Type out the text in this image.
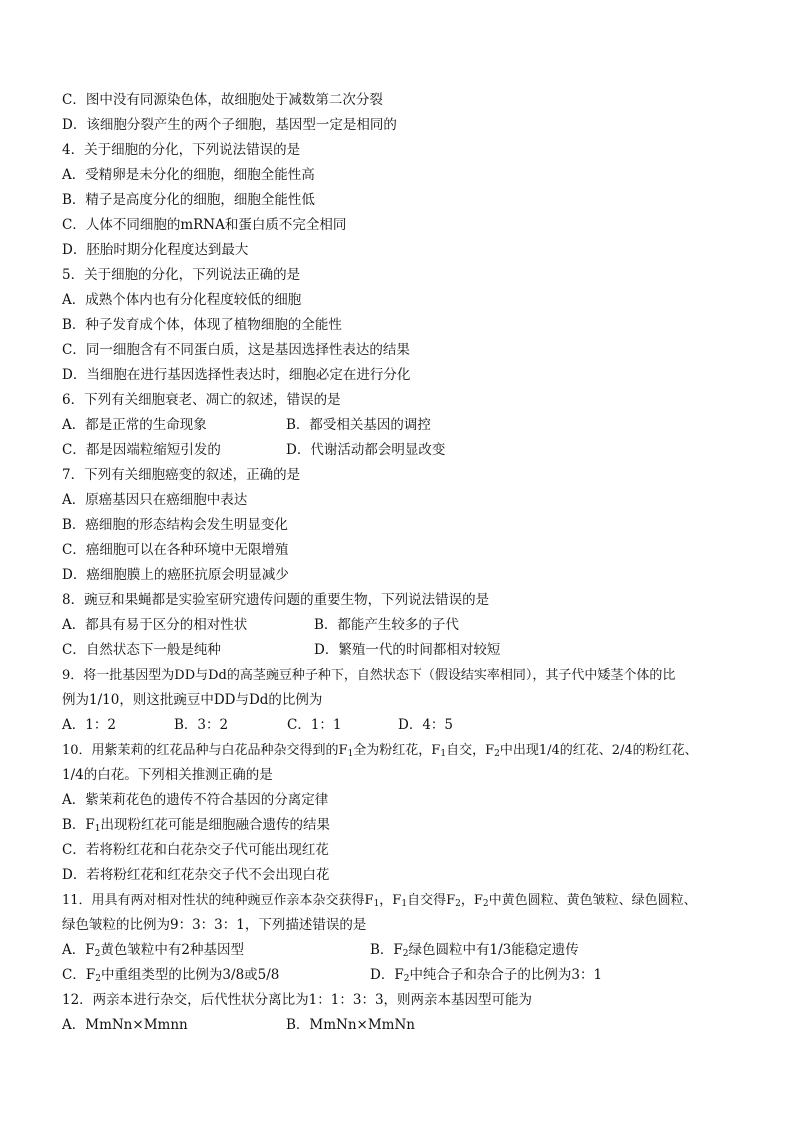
C．图中没有同源染色体，故细胞处于减数第二次分裂
D．该细胞分裂产生的两个子细胞，基因型一定是相同的
4．关于细胞的分化，下列说法错误的是
A．受精卵是未分化的细胞，细胞全能性高
B．精子是高度分化的细胞，细胞全能性低
C．人体不同细胞的mRNA和蛋白质不完全相同
D．胚胎时期分化程度达到最大
5．关于细胞的分化，下列说法正确的是
A．成熟个体内也有分化程度较低的细胞
B．种子发育成个体，体现了植物细胞的全能性
C．同一细胞含有不同蛋白质，这是基因选择性表达的结果
D．当细胞在进行基因选择性表达时，细胞必定在进行分化
6．下列有关细胞衰老、凋亡的叙述，错误的是
A．都是正常的生命现象	B．都受相关基因的调控
C．都是因端粒缩短引发的	D．代谢活动都会明显改变
7．下列有关细胞癌变的叙述，正确的是
A．原癌基因只在癌细胞中表达
B．癌细胞的形态结构会发生明显变化
C．癌细胞可以在各种环境中无限增殖
D．癌细胞膜上的癌胚抗原会明显减少
8．豌豆和果蝇都是实验室研究遗传问题的重要生物，下列说法错误的是
A．都具有易于区分的相对性状	B．都能产生较多的子代
C．自然状态下一般是纯种	D．繁殖一代的时间都相对较短
9．将一批基因型为DD与Dd的高茎豌豆种子种下，自然状态下（假设结实率相同），其子代中矮茎个体的比
例为1/10，则这批豌豆中DD与Dd的比例为
A．1：2	B．3：2	C．1：1	D．4：5
10．用紫茉莉的红花品种与白花品种杂交得到的$F_1$全为粉红花，$F_1$自交，$F_2$中出现1/4的红花、2/4的粉红花、
1/4的白花。下列相关推测正确的是
A．紫茉莉花色的遗传不符合基因的分离定律
B．$F_1$出现粉红花可能是细胞融合遗传的结果
C．若将粉红花和白花杂交子代可能出现红花
D．若将粉红花和红花杂交子代不会出现白花
11．用具有两对相对性状的纯种豌豆作亲本杂交获得$F_1$，$F_1$自交得$F_2$，$F_2$中黄色圆粒、黄色皱粒、绿色圆粒、
绿色皱粒的比例为9：3：3：1，下列描述错误的是
A．$F_2$黄色皱粒中有2种基因型	B．$F_2$绿色圆粒中有1/3能稳定遗传
C．$F_2$中重组类型的比例为3/8或5/8	D．$F_2$中纯合子和杂合子的比例为3：1
12．两亲本进行杂交，后代性状分离比为1：1：3：3，则两亲本基因型可能为
A．MmNn×Mmnn	B．MmNn×MmNn
